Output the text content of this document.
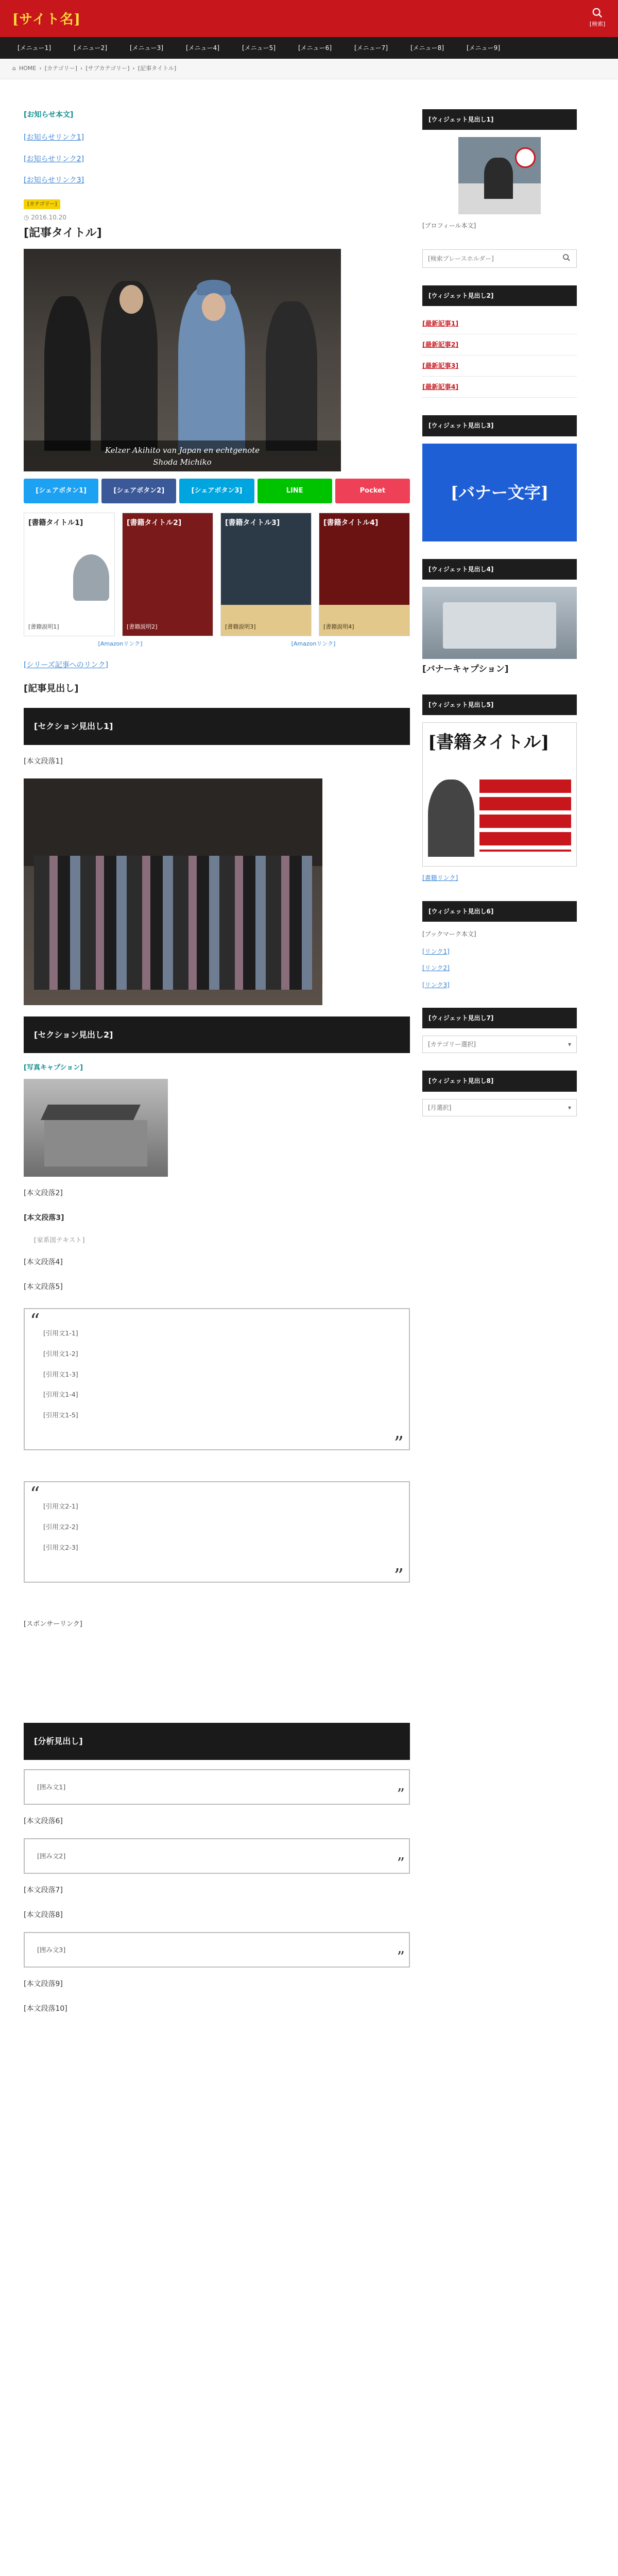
[サイト名]	[検索]
[メニュー1]	[メニュー2]	[メニュー3]	[メニュー4]	[メニュー5]	[メニュー6]	[メニュー7]	[メニュー8]	[メニュー9]
⌂ HOME › [カテゴリー] › [サブカテゴリー] › [記事タイトル]

[お知らせ本文]

[お知らせリンク1]
[お知らせリンク2]
[お知らせリンク3]
[カテゴリー]
◷ 2016.10.20
[記事タイトル]
Kelzer Akihito van Japan en echtgenote
Shoda Michiko
[シェアボタン1]	[シェアボタン2]	[シェアボタン3]	LINE	Pocket
[書籍タイトル1]
[書籍説明1]
[書籍タイトル2]
[書籍説明2]
[書籍タイトル3]
[書籍説明3]
[書籍タイトル4]
[書籍説明4]
[Amazonリンク]	[Amazonリンク]
[シリーズ記事へのリンク]
[記事見出し]
[セクション見出し1]

[本文段落1]

[セクション見出し2]
[写真キャプション]

[本文段落2]

[本文段落3]

[家系図テキスト]

[本文段落4]

[本文段落5]

“

[引用文1-1]

[引用文1-2]

[引用文1-3]

[引用文1-4]

[引用文1-5]

”
“

[引用文2-1]

[引用文2-2]

[引用文2-3]

”
[スポンサーリンク]
[分析見出し]
[囲み文1]	”

[本文段落6]

[囲み文2]	”

[本文段落7]

[本文段落8]

[囲み文3]	”

[本文段落9]

[本文段落10]

[ウィジェット見出し1]

[プロフィール本文]

[検索プレースホルダー]
[ウィジェット見出し2]
[最新記事1]
[最新記事2]
[最新記事3]
[最新記事4]
[ウィジェット見出し3]
[バナー文字]
[ウィジェット見出し4]
[バナーキャプション]
[ウィジェット見出し5]
[書籍タイトル]
[書籍リンク]
[ウィジェット見出し6]

[ブックマーク本文]

[リンク1]
[リンク2]
[リンク3]
[ウィジェット見出し7]
[カテゴリー選択]	▾
[ウィジェット見出し8]
[月選択]	▾
